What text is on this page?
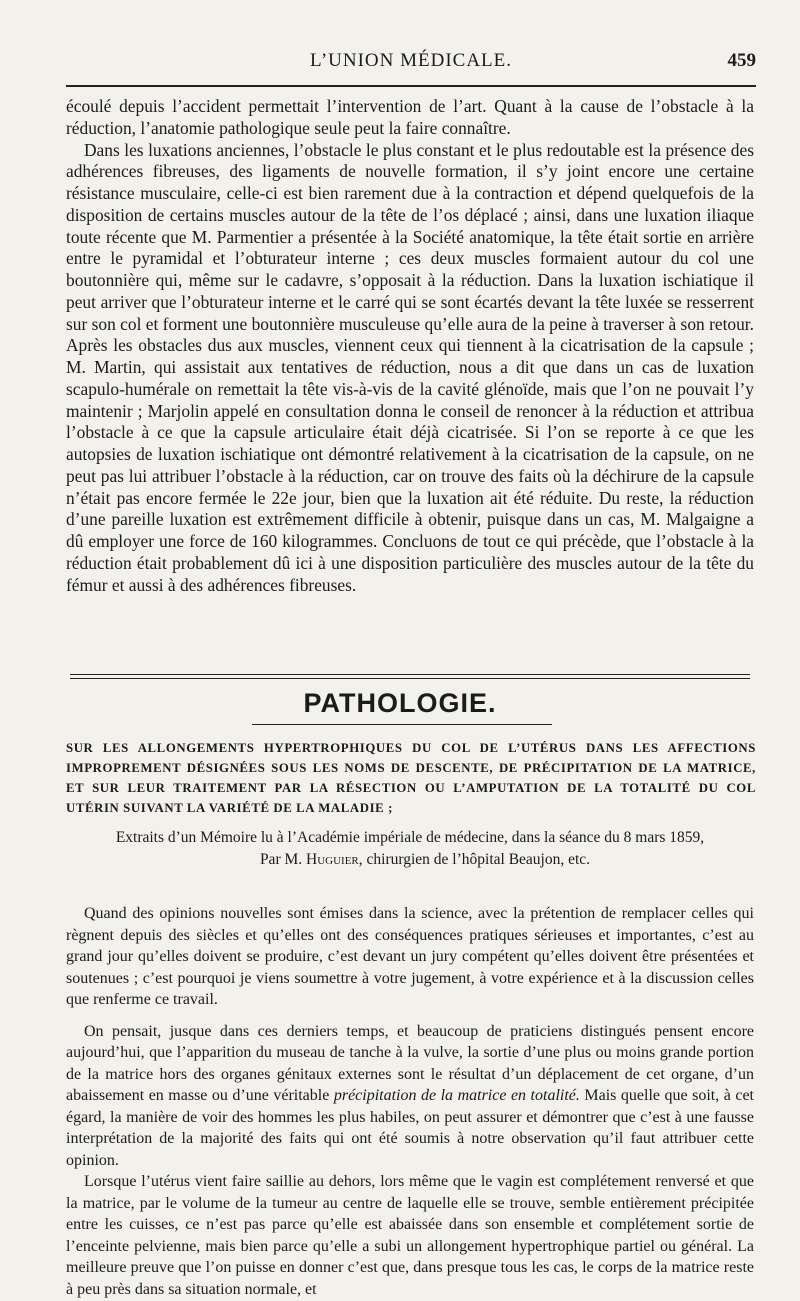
L’UNION MÉDICALE.	459

écoulé depuis l’accident permettait l’intervention de l’art. Quant à la cause de l’obstacle à la réduction, l’anatomie pathologique seule peut la faire connaître.

Dans les luxations anciennes, l’obstacle le plus constant et le plus redoutable est la présence des adhérences fibreuses, des ligaments de nouvelle formation, il s’y joint encore une certaine résistance musculaire, celle-ci est bien rarement due à la contraction et dépend quelquefois de la disposition de certains muscles autour de la tête de l’os déplacé ; ainsi, dans une luxation iliaque toute récente que M. Parmentier a présentée à la Société anatomique, la tête était sortie en arrière entre le pyramidal et l’obturateur interne ; ces deux muscles formaient autour du col une boutonnière qui, même sur le cadavre, s’opposait à la réduction. Dans la luxation ischiatique il peut arriver que l’obturateur interne et le carré qui se sont écartés devant la tête luxée se resserrent sur son col et forment une boutonnière musculeuse qu’elle aura de la peine à traverser à son retour. Après les obstacles dus aux muscles, viennent ceux qui tiennent à la cicatrisation de la capsule ; M. Martin, qui assistait aux tentatives de réduction, nous a dit que dans un cas de luxation scapulo-humérale on remettait la tête vis-à-vis de la cavité glénoïde, mais que l’on ne pouvait l’y maintenir ; Marjolin appelé en consultation donna le conseil de renoncer à la réduction et attribua l’obstacle à ce que la capsule articulaire était déjà cicatrisée. Si l’on se reporte à ce que les autopsies de luxation ischiatique ont démontré relativement à la cicatrisation de la capsule, on ne peut pas lui attribuer l’obstacle à la réduction, car on trouve des faits où la déchirure de la capsule n’était pas encore fermée le 22e jour, bien que la luxation ait été réduite. Du reste, la réduction d’une pareille luxation est extrêmement difficile à obtenir, puisque dans un cas, M. Malgaigne a dû employer une force de 160 kilogrammes. Concluons de tout ce qui précède, que l’obstacle à la réduction était probablement dû ici à une disposition particulière des muscles autour de la tête du fémur et aussi à des adhérences fibreuses.

PATHOLOGIE.
SUR LES ALLONGEMENTS HYPERTROPHIQUES DU COL DE L’UTÉRUS DANS LES AFFECTIONS IMPROPREMENT DÉSIGNÉES SOUS LES NOMS DE DESCENTE, DE PRÉCIPITATION DE LA MATRICE, ET SUR LEUR TRAITEMENT PAR LA RÉSECTION OU L’AMPUTATION DE LA TOTALITÉ DU COL UTÉRIN SUIVANT LA VARIÉTÉ DE LA MALADIE ;
Extraits d’un Mémoire lu à l’Académie impériale de médecine, dans la séance du 8 mars 1859,
Par M. Huguier, chirurgien de l’hôpital Beaujon, etc.

Quand des opinions nouvelles sont émises dans la science, avec la prétention de remplacer celles qui règnent depuis des siècles et qu’elles ont des conséquences pratiques sérieuses et importantes, c’est au grand jour qu’elles doivent se produire, c’est devant un jury compétent qu’elles doivent être présentées et soutenues ; c’est pourquoi je viens soumettre à votre jugement, à votre expérience et à la discussion celles que renferme ce travail.

On pensait, jusque dans ces derniers temps, et beaucoup de praticiens distingués pensent encore aujourd’hui, que l’apparition du museau de tanche à la vulve, la sortie d’une plus ou moins grande portion de la matrice hors des organes génitaux externes sont le résultat d’un déplacement de cet organe, d’un abaissement en masse ou d’une véritable précipitation de la matrice en totalité. Mais quelle que soit, à cet égard, la manière de voir des hommes les plus habiles, on peut assurer et démontrer que c’est à une fausse interprétation de la majorité des faits qui ont été soumis à notre observation qu’il faut attribuer cette opinion.

Lorsque l’utérus vient faire saillie au dehors, lors même que le vagin est complétement renversé et que la matrice, par le volume de la tumeur au centre de laquelle elle se trouve, semble entièrement précipitée entre les cuisses, ce n’est pas parce qu’elle est abaissée dans son ensemble et complétement sortie de l’enceinte pelvienne, mais bien parce qu’elle a subi un allongement hypertrophique partiel ou général. La meilleure preuve que l’on puisse en donner c’est que, dans presque tous les cas, le corps de la matrice reste à peu près dans sa situation normale, et
